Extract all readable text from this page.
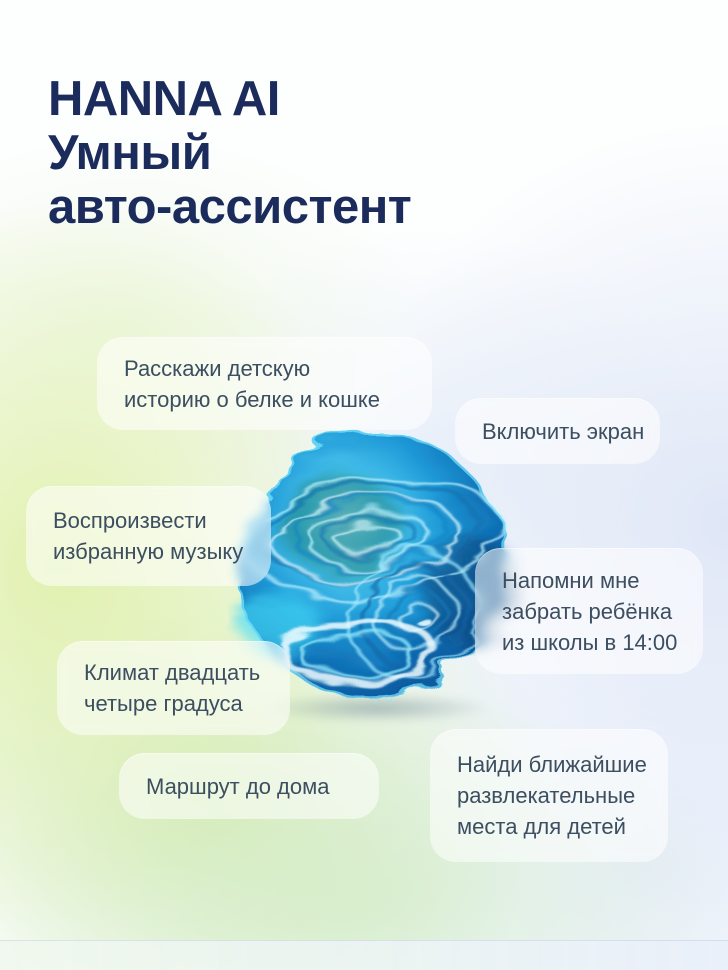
HANNA AI
Умный
авто-ассистент
Расскажи детскую
историю о белке и кошке
Включить экран
Воспроизвести
избранную музыку
Напомни мне
забрать ребёнка
из школы в 14:00
Климат двадцать
четыре градуса
Маршрут до дома
Найди ближайшие
развлекательные
места для детей
